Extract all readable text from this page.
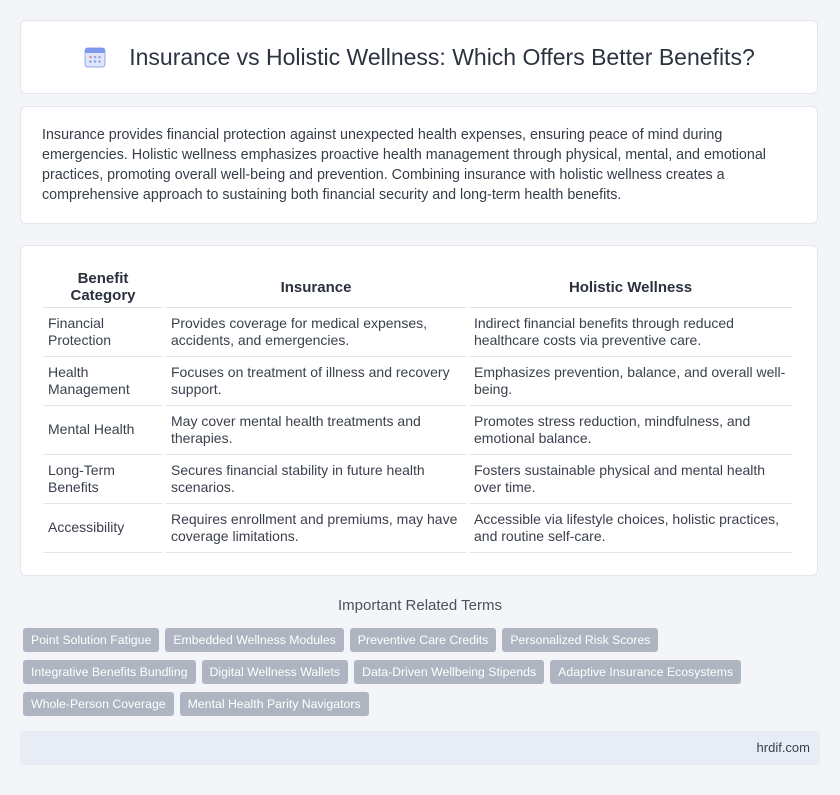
Insurance vs Holistic Wellness: Which Offers Better Benefits?

Insurance provides financial protection against unexpected health expenses, ensuring peace of mind during emergencies. Holistic wellness emphasizes proactive health management through physical, mental, and emotional practices, promoting overall well-being and prevention. Combining insurance with holistic wellness creates a comprehensive approach to sustaining both financial security and long-term health benefits.

Benefit Category	Insurance	Holistic Wellness
Financial Protection	Provides coverage for medical expenses, accidents, and emergencies.	Indirect financial benefits through reduced healthcare costs via preventive care.
Health Management	Focuses on treatment of illness and recovery support.	Emphasizes prevention, balance, and overall well-being.
Mental Health	May cover mental health treatments and therapies.	Promotes stress reduction, mindfulness, and emotional balance.
Long-Term Benefits	Secures financial stability in future health scenarios.	Fosters sustainable physical and mental health over time.
Accessibility	Requires enrollment and premiums, may have coverage limitations.	Accessible via lifestyle choices, holistic practices, and routine self-care.
Important Related Terms
Point Solution Fatigue	Embedded Wellness Modules	Preventive Care Credits	Personalized Risk Scores
Integrative Benefits Bundling	Digital Wellness Wallets	Data-Driven Wellbeing Stipends	Adaptive Insurance Ecosystems
Whole-Person Coverage	Mental Health Parity Navigators
hrdif.com
